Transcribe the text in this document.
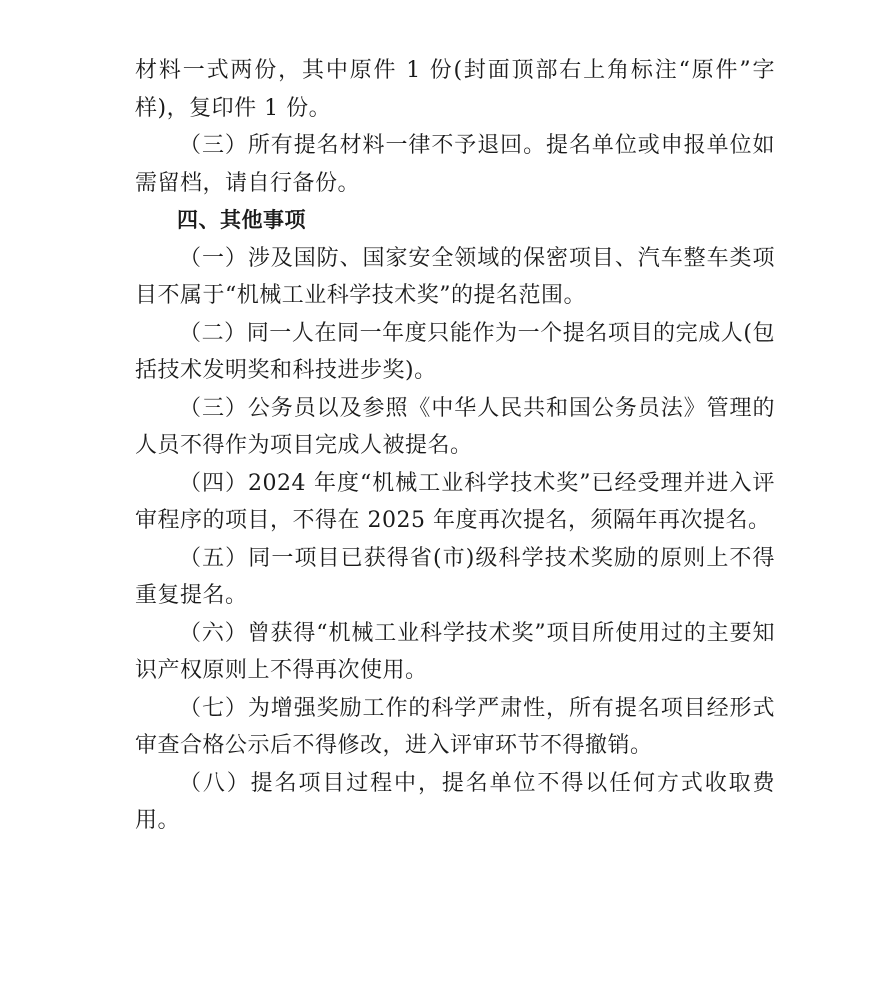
材料一式两份，其中原件 1 份(封面顶部右上角标注“原件”字样)，复印件 1 份。

（三）所有提名材料一律不予退回。提名单位或申报单位如需留档，请自行备份。

四、其他事项

（一）涉及国防、国家安全领域的保密项目、汽车整车类项目不属于“机械工业科学技术奖”的提名范围。

（二）同一人在同一年度只能作为一个提名项目的完成人(包括技术发明奖和科技进步奖)。

（三）公务员以及参照《中华人民共和国公务员法》管理的人员不得作为项目完成人被提名。

（四）2024 年度“机械工业科学技术奖”已经受理并进入评审程序的项目，不得在 2025 年度再次提名，须隔年再次提名。

（五）同一项目已获得省(市)级科学技术奖励的原则上不得重复提名。

（六）曾获得“机械工业科学技术奖”项目所使用过的主要知识产权原则上不得再次使用。

（七）为增强奖励工作的科学严肃性，所有提名项目经形式审查合格公示后不得修改，进入评审环节不得撤销。

（八）提名项目过程中，提名单位不得以任何方式收取费用。
